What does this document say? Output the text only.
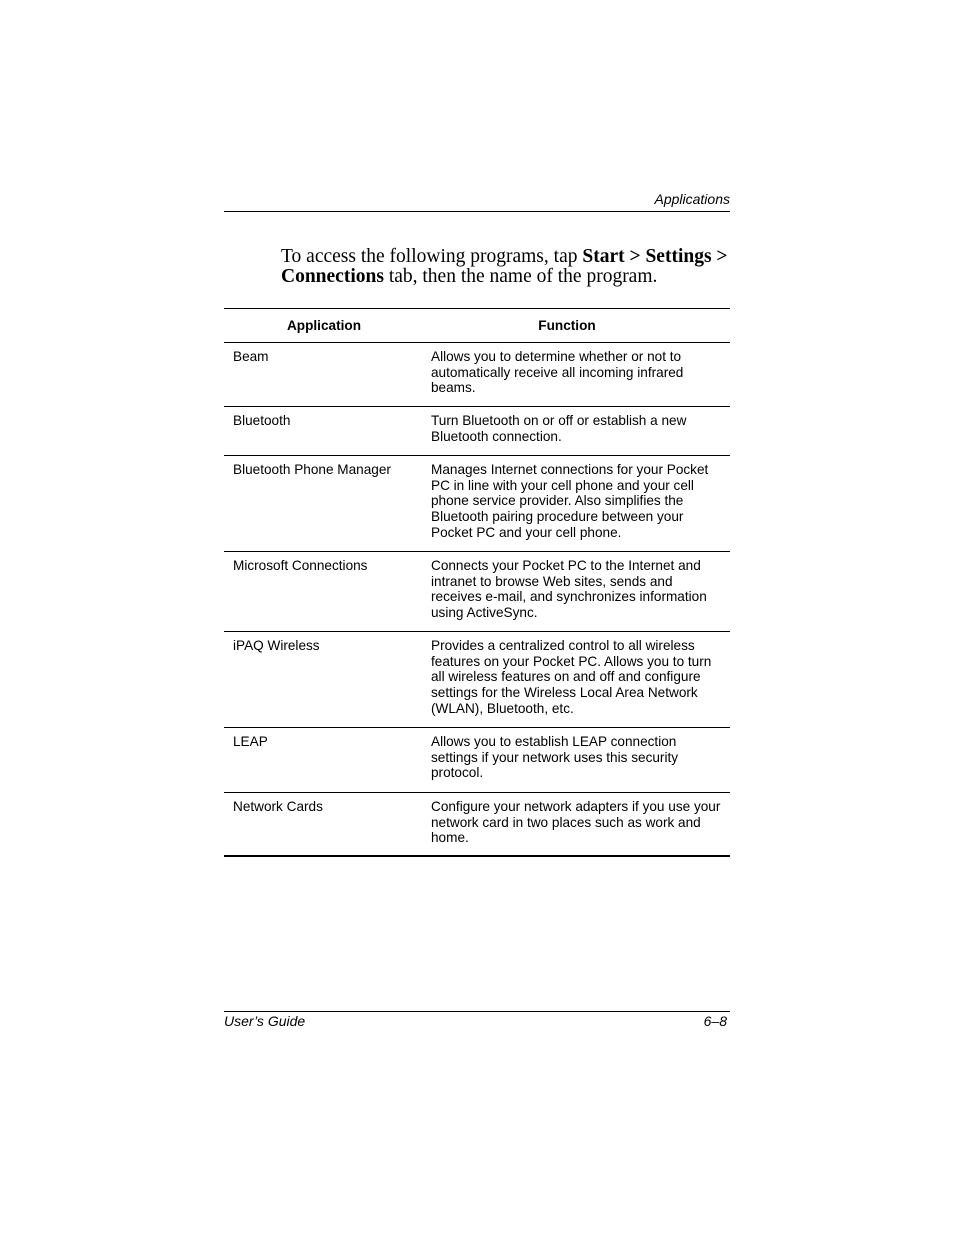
Applications

To access the following programs, tap Start > Settings > Connections tab, then the name of the program.

Application	Function
Beam	Allows you to determine whether or not to automatically receive all incoming infrared beams.
Bluetooth	Turn Bluetooth on or off or establish a new Bluetooth connection.
Bluetooth Phone Manager	Manages Internet connections for your Pocket PC in line with your cell phone and your cell phone service provider. Also simplifies the Bluetooth pairing procedure between your Pocket PC and your cell phone.
Microsoft Connections	Connects your Pocket PC to the Internet and intranet to browse Web sites, sends and receives e-mail, and synchronizes information using ActiveSync.
iPAQ Wireless	Provides a centralized control to all wireless features on your Pocket PC. Allows you to turn all wireless features on and off and configure settings for the Wireless Local Area Network (WLAN), Bluetooth, etc.
LEAP	Allows you to establish LEAP connection settings if your network uses this security protocol.
Network Cards	Configure your network adapters if you use your network card in two places such as work and home.
User’s Guide	6–8
